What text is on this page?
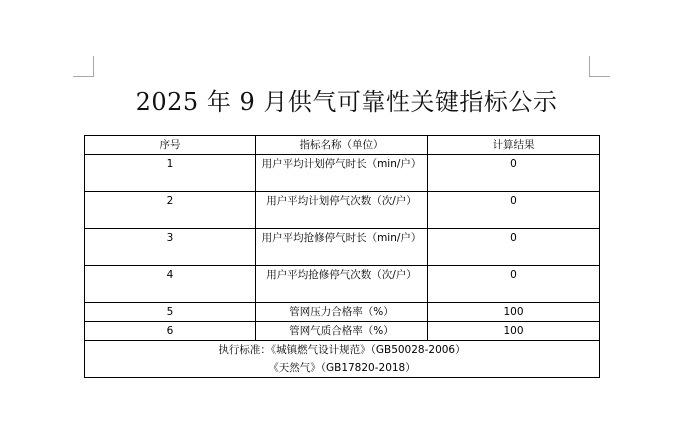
2025 年 9 月供气可靠性关键指标公示
序号	指标名称（单位）	计算结果
1	用户平均计划停气时长（min/户）	0
2	用户平均计划停气次数（次/户）	0
3	用户平均抢修停气时长（min/户）	0
4	用户平均抢修停气次数（次/户）	0
5	管网压力合格率（%）	100
6	管网气质合格率（%）	100

执行标准：《城镇燃气设计规范》（GB50028-2006）
《天然气》（GB17820-2018）		
